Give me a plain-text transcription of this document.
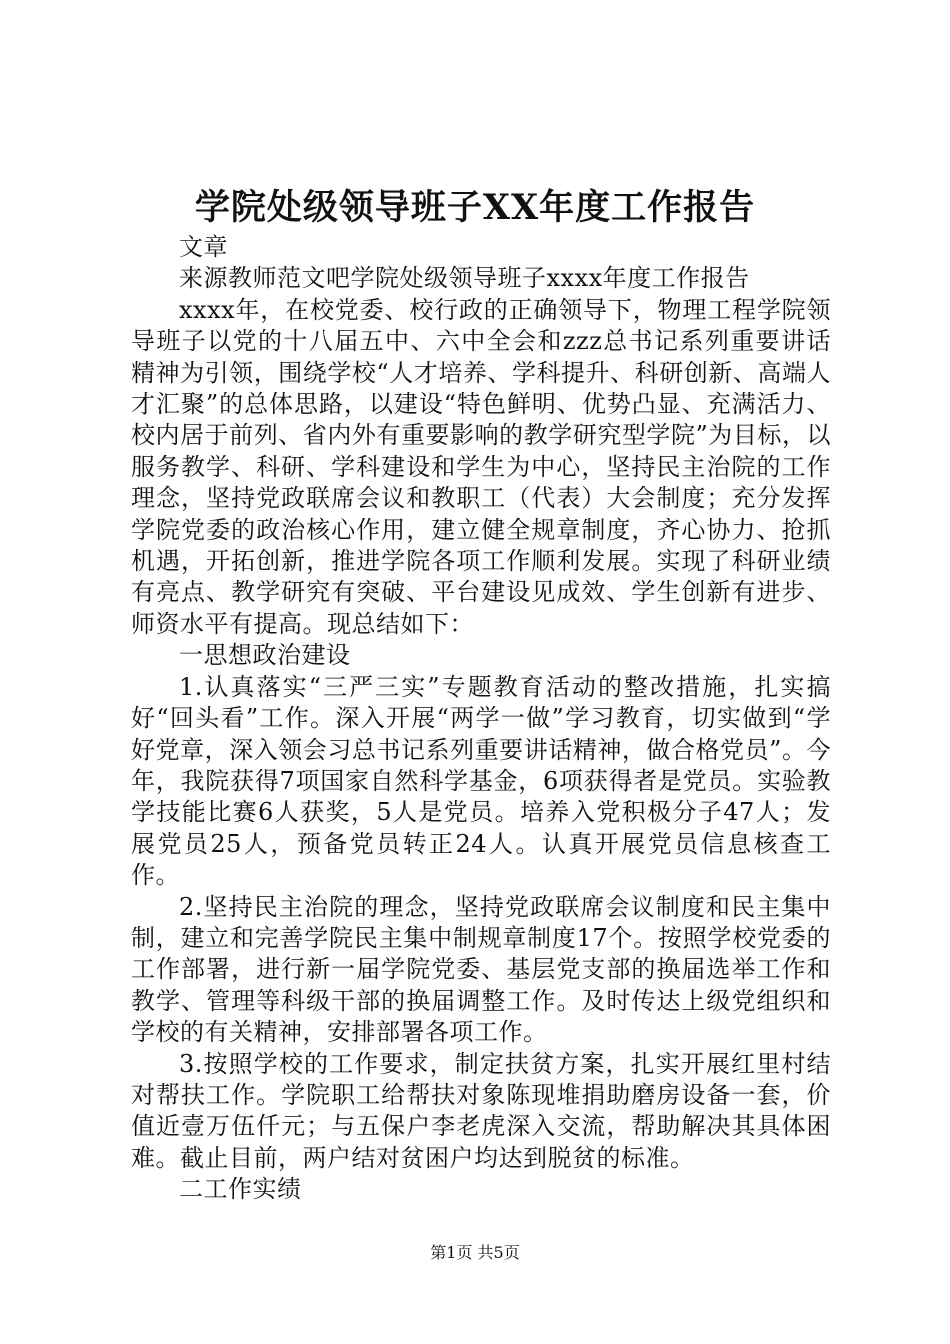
学院处级领导班子XX年度工作报告

文章

来源教师范文吧学院处级领导班子xxxx年度工作报告

xxxx年，在校党委、校行政的正确领导下，物理工程学院领导班子以党的十八届五中、六中全会和zzz总书记系列重要讲话精神为引领，围绕学校“人才培养、学科提升、科研创新、高端人才汇聚”的总体思路，以建设“特色鲜明、优势凸显、充满活力、校内居于前列、省内外有重要影响的教学研究型学院”为目标，以服务教学、科研、学科建设和学生为中心，坚持民主治院的工作理念，坚持党政联席会议和教职工（代表）大会制度；充分发挥学院党委的政治核心作用，建立健全规章制度，齐心协力、抢抓机遇，开拓创新，推进学院各项工作顺利发展。实现了科研业绩有亮点、教学研究有突破、平台建设见成效、学生创新有进步、师资水平有提高。现总结如下：

一思想政治建设

1.认真落实“三严三实”专题教育活动的整改措施，扎实搞好“回头看”工作。深入开展“两学一做”学习教育，切实做到“学好党章，深入领会习总书记系列重要讲话精神，做合格党员”。今年，我院获得7项国家自然科学基金，6项获得者是党员。实验教学技能比赛6人获奖，5人是党员。培养入党积极分子47人；发展党员25人，预备党员转正24人。认真开展党员信息核查工作。

2.坚持民主治院的理念，坚持党政联席会议制度和民主集中制，建立和完善学院民主集中制规章制度17个。按照学校党委的工作部署，进行新一届学院党委、基层党支部的换届选举工作和教学、管理等科级干部的换届调整工作。及时传达上级党组织和学校的有关精神，安排部署各项工作。

3.按照学校的工作要求，制定扶贫方案，扎实开展红里村结对帮扶工作。学院职工给帮扶对象陈现堆捐助磨房设备一套，价值近壹万伍仟元；与五保户李老虎深入交流，帮助解决其具体困难。截止目前，两户结对贫困户均达到脱贫的标准。

二工作实绩

第1页 共5页
